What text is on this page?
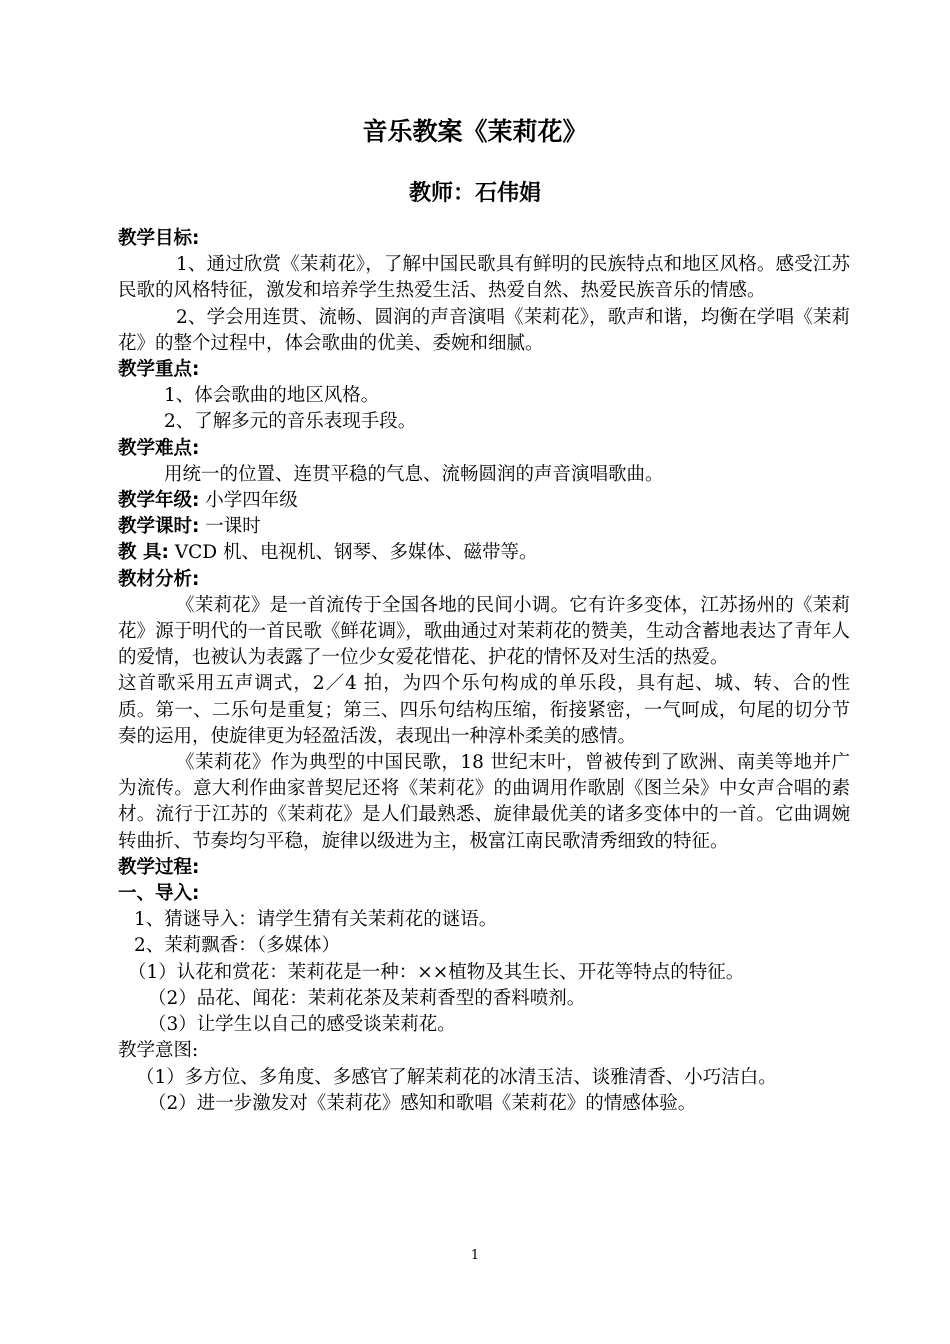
音乐教案《茉莉花》
教师：石伟娟

教学目标:

1、通过欣赏《茉莉花》，了解中国民歌具有鲜明的民族特点和地区风格。感受江苏民歌的风格特征，激发和培养学生热爱生活、热爱自然、热爱民族音乐的情感。

2、学会用连贯、流畅、圆润的声音演唱《茉莉花》，歌声和谐，均衡在学唱《茉莉花》的整个过程中，体会歌曲的优美、委婉和细腻。

教学重点:

1、体会歌曲的地区风格。

2、了解多元的音乐表现手段。

教学难点:

用统一的位置、连贯平稳的气息、流畅圆润的声音演唱歌曲。

教学年级: 小学四年级

教学课时: 一课时

教 具: VCD 机、电视机、钢琴、多媒体、磁带等。

教材分析:

《茉莉花》是一首流传于全国各地的民间小调。它有许多变体，江苏扬州的《茉莉花》源于明代的一首民歌《鲜花调》，歌曲通过对茉莉花的赞美，生动含蓄地表达了青年人的爱情，也被认为表露了一位少女爱花惜花、护花的情怀及对生活的热爱。

这首歌采用五声调式，2／4 拍，为四个乐句构成的单乐段，具有起、城、转、合的性质。第一、二乐句是重复；第三、四乐句结构压缩，衔接紧密，一气呵成，句尾的切分节奏的运用，使旋律更为轻盈活泼，表现出一种淳朴柔美的感情。

《茉莉花》作为典型的中国民歌，18 世纪末叶，曾被传到了欧洲、南美等地并广为流传。意大利作曲家普契尼还将《茉莉花》的曲调用作歌剧《图兰朵》中女声合唱的素材。流行于江苏的《茉莉花》是人们最熟悉、旋律最优美的诸多变体中的一首。它曲调婉转曲折、节奏均匀平稳，旋律以级进为主，极富江南民歌清秀细致的特征。

教学过程:

一、导入:

1、猜谜导入：请学生猜有关茉莉花的谜语。

2、茉莉飘香：（多媒体）

（1）认花和赏花：茉莉花是一种：××植物及其生长、开花等特点的特征。

（2）品花、闻花：茉莉花茶及茉莉香型的香料喷剂。

（3）让学生以自己的感受谈茉莉花。

教学意图:

（1）多方位、多角度、多感官了解茉莉花的冰清玉洁、谈雅清香、小巧洁白。

（2）进一步激发对《茉莉花》感知和歌唱《茉莉花》的情感体验。

1
